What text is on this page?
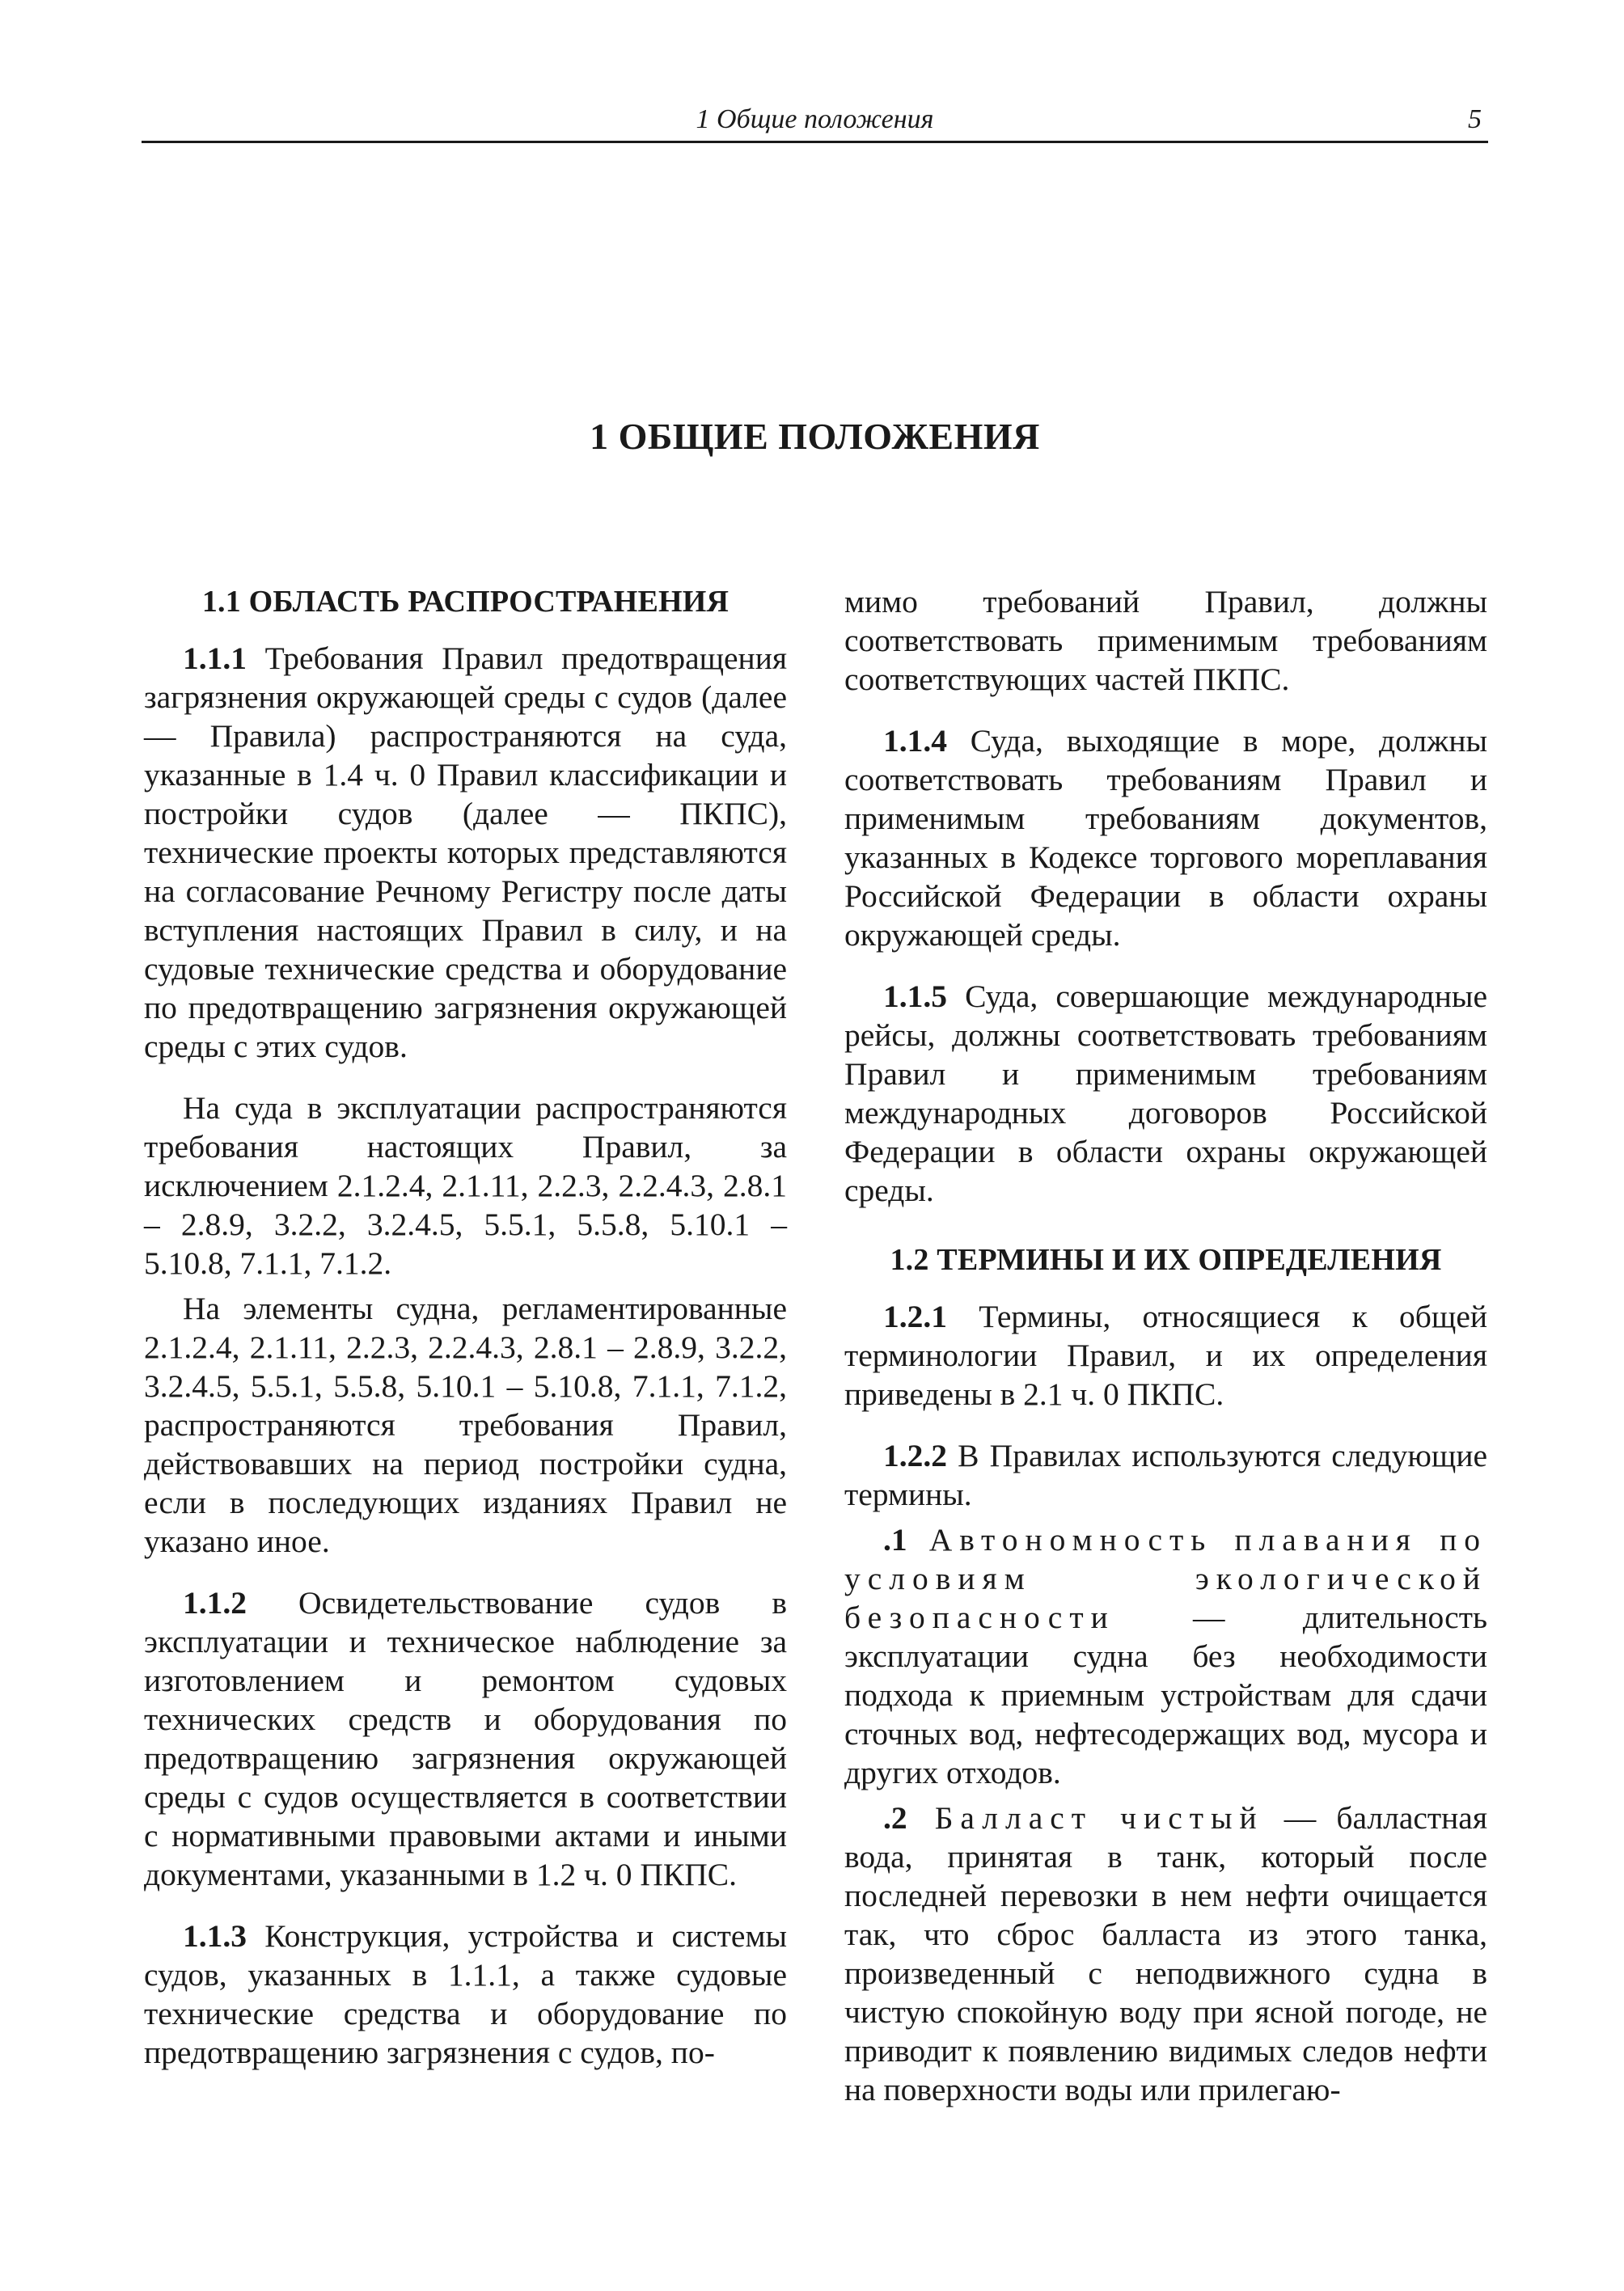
1 Общие положения	5
1 ОБЩИЕ ПОЛОЖЕНИЯ
1.1 ОБЛАСТЬ РАСПРОСТРАНЕНИЯ

1.1.1 Требования Правил предотвращения загрязнения окружающей среды с судов (далее — Правила) распространяются на суда, указанные в 1.4 ч. 0 Правил классификации и постройки судов (далее — ПКПС), технические проекты которых представляются на согласование Речному Регистру после даты вступления настоящих Правил в силу, и на судовые технические средства и оборудование по предотвращению загрязнения окружающей среды с этих судов.

На суда в эксплуатации распространяются требования настоящих Правил, за исключением 2.1.2.4, 2.1.11, 2.2.3, 2.2.4.3, 2.8.1 – 2.8.9, 3.2.2, 3.2.4.5, 5.5.1, 5.5.8, 5.10.1 – 5.10.8, 7.1.1, 7.1.2.

На элементы судна, регламентированные 2.1.2.4, 2.1.11, 2.2.3, 2.2.4.3, 2.8.1 – 2.8.9, 3.2.2, 3.2.4.5, 5.5.1, 5.5.8, 5.10.1 – 5.10.8, 7.1.1, 7.1.2, распространяются требования Правил, действовавших на период постройки судна, если в последующих изданиях Правил не указано иное.

1.1.2 Освидетельствование судов в эксплуатации и техническое наблюдение за изготовлением и ремонтом судовых технических средств и оборудования по предотвращению загрязнения окружающей среды с судов осуществляется в соответствии с нормативными правовыми актами и иными документами, указанными в 1.2 ч. 0 ПКПС.

1.1.3 Конструкция, устройства и системы судов, указанных в 1.1.1, а также судовые технические средства и оборудование по предотвращению загрязнения с судов, по-

мимо требований Правил, должны соответствовать применимым требованиям соответствующих частей ПКПС.

1.1.4 Суда, выходящие в море, должны соответствовать требованиям Правил и применимым требованиям документов, указанных в Кодексе торгового мореплавания Российской Федерации в области охраны окружающей среды.

1.1.5 Суда, совершающие международные рейсы, должны соответствовать требованиям Правил и применимым требованиям международных договоров Российской Федерации в области охраны окружающей среды.

1.2 ТЕРМИНЫ И ИХ ОПРЕДЕЛЕНИЯ

1.2.1 Термины, относящиеся к общей терминологии Правил, и их определения приведены в 2.1 ч. 0 ПКПС.

1.2.2 В Правилах используются следующие термины.

.1 Автономность плавания по условиям экологической безопасности — длительность эксплуатации судна без необходимости подхода к приемным устройствам для сдачи сточных вод, нефтесодержащих вод, мусора и других отходов.

.2 Балласт чистый — балластная вода, принятая в танк, который после последней перевозки в нем нефти очищается так, что сброс балласта из этого танка, произведенный с неподвижного судна в чистую спокойную воду при ясной погоде, не приводит к появлению видимых следов нефти на поверхности воды или прилегаю-
